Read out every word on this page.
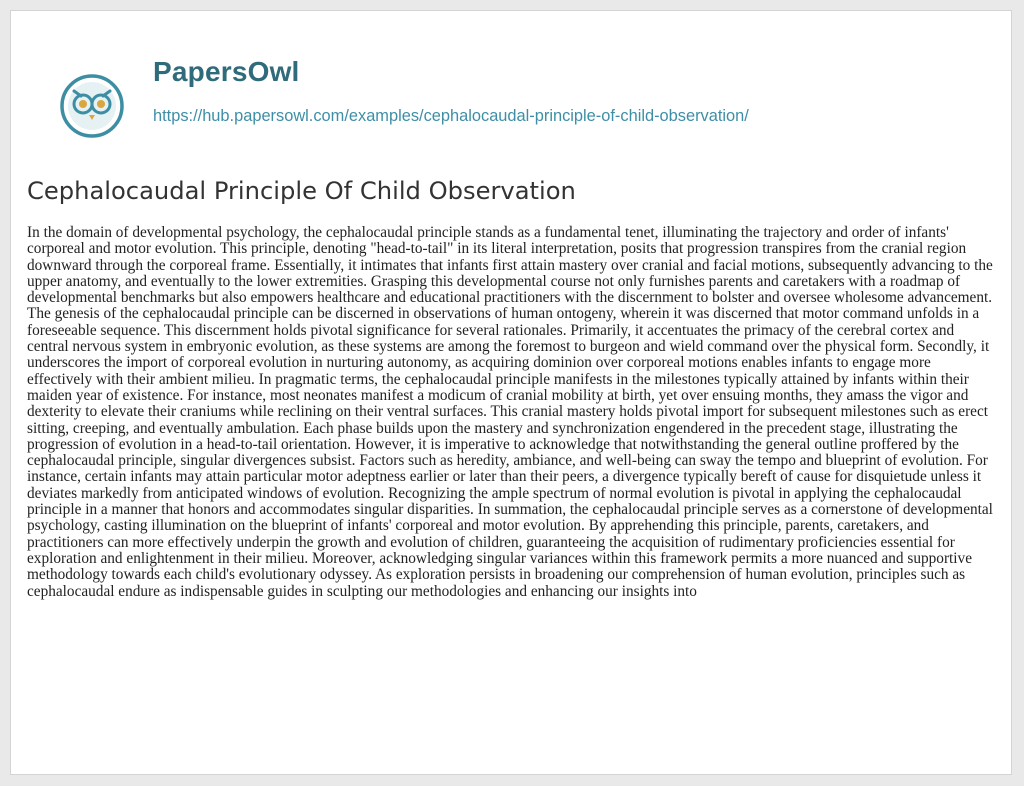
PapersOwl
https://hub.papersowl.com/examples/cephalocaudal-principle-of-child-observation/
Cephalocaudal Principle Of Child Observation

In the domain of developmental psychology, the cephalocaudal principle stands as a fundamental tenet, illuminating the trajectory and order of infants' corporeal and motor evolution. This principle, denoting "head-to-tail" in its literal interpretation, posits that progression transpires from the cranial region downward through the corporeal frame. Essentially, it intimates that infants first attain mastery over cranial and facial motions, subsequently advancing to the upper anatomy, and eventually to the lower extremities. Grasping this developmental course not only furnishes parents and caretakers with a roadmap of developmental benchmarks but also empowers healthcare and educational practitioners with the discernment to bolster and oversee wholesome advancement. The genesis of the cephalocaudal principle can be discerned in observations of human ontogeny, wherein it was discerned that motor command unfolds in a foreseeable sequence. This discernment holds pivotal significance for several rationales. Primarily, it accentuates the primacy of the cerebral cortex and central nervous system in embryonic evolution, as these systems are among the foremost to burgeon and wield command over the physical form. Secondly, it underscores the import of corporeal evolution in nurturing autonomy, as acquiring dominion over corporeal motions enables infants to engage more effectively with their ambient milieu. In pragmatic terms, the cephalocaudal principle manifests in the milestones typically attained by infants within their maiden year of existence. For instance, most neonates manifest a modicum of cranial mobility at birth, yet over ensuing months, they amass the vigor and dexterity to elevate their craniums while reclining on their ventral surfaces. This cranial mastery holds pivotal import for subsequent milestones such as erect sitting, creeping, and eventually ambulation. Each phase builds upon the mastery and synchronization engendered in the precedent stage, illustrating the progression of evolution in a head-to-tail orientation. However, it is imperative to acknowledge that notwithstanding the general outline proffered by the cephalocaudal principle, singular divergences subsist. Factors such as heredity, ambiance, and well-being can sway the tempo and blueprint of evolution. For instance, certain infants may attain particular motor adeptness earlier or later than their peers, a divergence typically bereft of cause for disquietude unless it deviates markedly from anticipated windows of evolution. Recognizing the ample spectrum of normal evolution is pivotal in applying the cephalocaudal principle in a manner that honors and accommodates singular disparities. In summation, the cephalocaudal principle serves as a cornerstone of developmental psychology, casting illumination on the blueprint of infants' corporeal and motor evolution. By apprehending this principle, parents, caretakers, and practitioners can more effectively underpin the growth and evolution of children, guaranteeing the acquisition of rudimentary proficiencies essential for exploration and enlightenment in their milieu. Moreover, acknowledging singular variances within this framework permits a more nuanced and supportive methodology towards each child's evolutionary odyssey. As exploration persists in broadening our comprehension of human evolution, principles such as cephalocaudal endure as indispensable guides in sculpting our methodologies and enhancing our insights into
